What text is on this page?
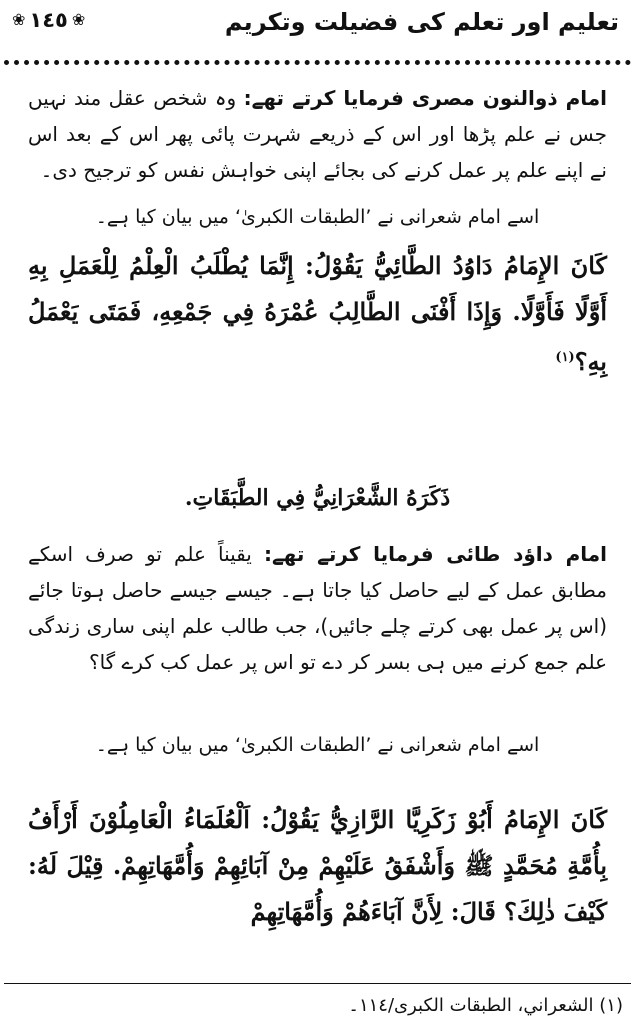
تعلیم اور تعلم کی فضیلت وتکریم
❀ ١٤٥ ❀
امام ذوالنون مصری فرمایا کرتے تھے: وہ شخص عقل مند نہیں جس نے علم پڑھا اور اس کے ذریعے شہرت پائی پھر اس کے بعد اس نے اپنے علم پر عمل کرنے کی بجائے اپنی خواہش نفس کو ترجیح دی۔
اسے امام شعرانی نے ’الطبقات الکبریٰ‘ میں بیان کیا ہے۔
كَانَ الإِمَامُ دَاوُدُ الطَّائِيُّ يَقُوْلُ: إِنَّمَا يُطْلَبُ الْعِلْمُ لِلْعَمَلِ بِهِ أَوَّلًا فَأَوَّلًا. وَإِذَا أَفْنَى الطَّالِبُ عُمْرَهُ فِي جَمْعِهِ، فَمَتَى يَعْمَلُ بِهِ؟$^{(١)}$
ذَكَرَهُ الشَّعْرَانِيُّ فِي الطَّبَقَاتِ.
امام داؤد طائی فرمایا کرتے تھے: یقیناً علم تو صرف اسکے مطابق عمل کے لیے حاصل کیا جاتا ہے۔ جیسے جیسے حاصل ہوتا جائے (اس پر عمل بھی کرتے چلے جائیں)، جب طالب علم اپنی ساری زندگی علم جمع کرنے میں ہی بسر کر دے تو اس پر عمل کب کرے گا؟
اسے امام شعرانی نے ’الطبقات الکبریٰ‘ میں بیان کیا ہے۔
كَانَ الإِمَامُ أَبُوْ زَكَرِيَّا الرَّازِيُّ يَقُوْلُ: اَلْعُلَمَاءُ الْعَامِلُوْنَ أَرْأَفُ بِأُمَّةِ مُحَمَّدٍ ﷺ وَأَشْفَقُ عَلَيْهِمْ مِنْ آبَائِهِمْ وَأُمَّهَاتِهِمْ. قِيْلَ لَهُ: كَيْفَ ذٰلِكَ؟ قَالَ: لِأَنَّ آبَاءَهُمْ وَأُمَّهَاتِهِمْ
(١) الشعراني، الطبقات الكبرى/١١٤۔
